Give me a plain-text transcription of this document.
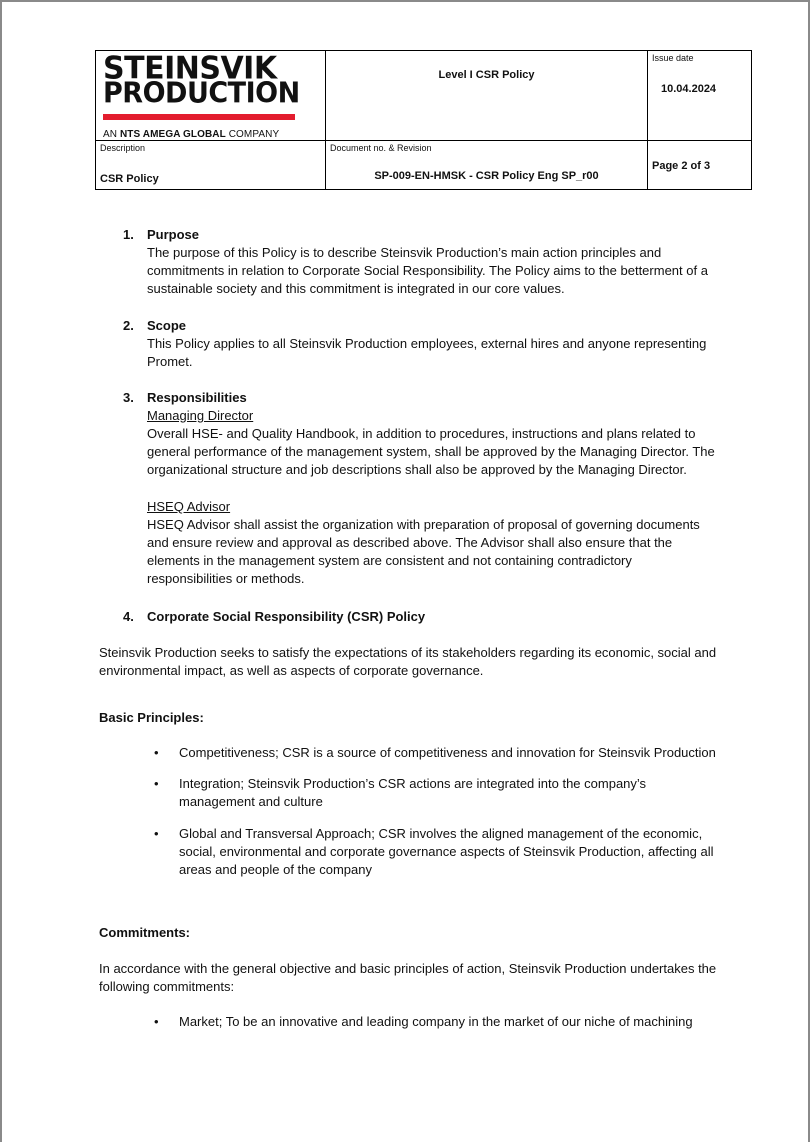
STEINSVIK
PRODUCTION
AN NTS AMEGA GLOBAL COMPANY
Level I CSR Policy
Issue date
10.04.2024
Description
CSR Policy
Document no. & Revision
SP-009-EN-HMSK - CSR Policy Eng SP_r00
Page 2 of 3
1. Purpose
The purpose of this Policy is to describe Steinsvik Production’s main action principles and
commitments in relation to Corporate Social Responsibility. The Policy aims to the betterment of a
sustainable society and this commitment is integrated in our core values.
2. Scope
This Policy applies to all Steinsvik Production employees, external hires and anyone representing
Promet.
3. Responsibilities
Managing Director
Overall HSE- and Quality Handbook, in addition to procedures, instructions and plans related to
general performance of the management system, shall be approved by the Managing Director. The
organizational structure and job descriptions shall also be approved by the Managing Director.
HSEQ Advisor
HSEQ Advisor shall assist the organization with preparation of proposal of governing documents
and ensure review and approval as described above. The Advisor shall also ensure that the
elements in the management system are consistent and not containing contradictory
responsibilities or methods.
4. Corporate Social Responsibility (CSR) Policy
Steinsvik Production seeks to satisfy the expectations of its stakeholders regarding its economic, social and
environmental impact, as well as aspects of corporate governance.
Basic Principles:
• Competitiveness; CSR is a source of competitiveness and innovation for Steinsvik Production
• Integration; Steinsvik Production’s CSR actions are integrated into the company’s
management and culture
• Global and Transversal Approach; CSR involves the aligned management of the economic,
social, environmental and corporate governance aspects of Steinsvik Production, affecting all
areas and people of the company
Commitments:
In accordance with the general objective and basic principles of action, Steinsvik Production undertakes the
following commitments:
• Market; To be an innovative and leading company in the market of our niche of machining
